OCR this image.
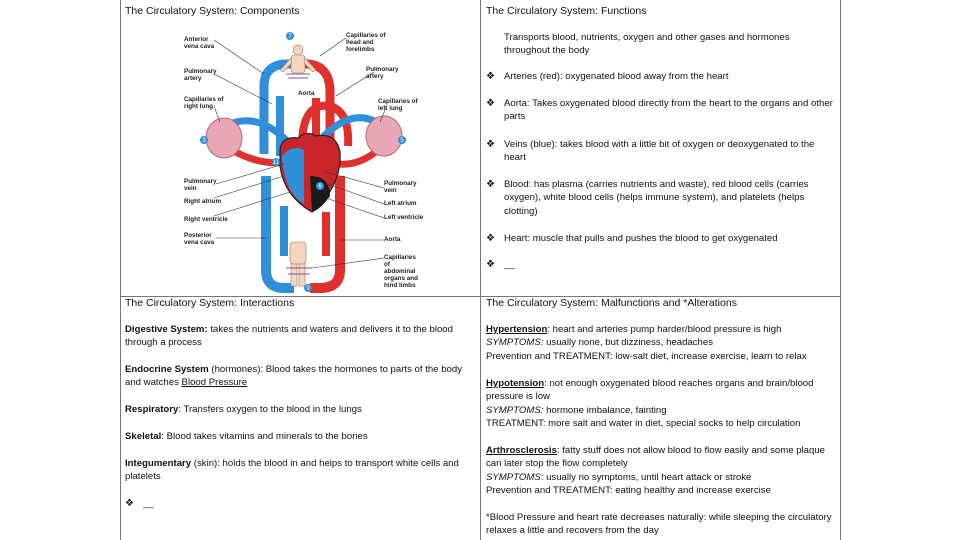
The Circulatory System: Components
7
3	5
11
6
9
Anterior vena cava
Capillaries of head and forelimbs
Pulmonary artery
Pulmonary artery
Aorta
Capillaries of right lung
Capillaries of left lung
Pulmonary vein
Pulmonary vein
Right atrium	Left atrium
Right ventricle	Left ventricle
Posterior vena cava	Aorta
Capillaries of abdominal organs and hind limbs
The Circulatory System: Functions
Transports blood, nutrients, oxygen and other gases and hormones throughout the body
❖ Arteries (red): oxygenated blood away from the heart
❖ Aorta: Takes oxygenated blood directly from the heart to the organs and other parts
❖ Veins (blue): takes blood with a little bit of oxygen or deoxygenated to the heart
❖ Blood: has plasma (carries nutrients and waste), red blood cells (carries oxygen), white blood cells (helps immune system), and platelets (helps clotting)
❖ Heart: muscle that pulls and pushes the blood to get oxygenated
❖ __
The Circulatory System: Interactions
Digestive System: takes the nutrients and waters and delivers it to the blood through a process
Endocrine System (hormones): Blood takes the hormones to parts of the body and watches Blood Pressure
Respiratory: Transfers oxygen to the blood in the lungs
Skeletal: Blood takes vitamins and minerals to the bones
Integumentary (skin): holds the blood in and helps to transport white cells and platelets
❖ __
The Circulatory System: Malfunctions and *Alterations
Hypertension: heart and arteries pump harder/blood pressure is high
SYMPTOMS: usually none, but dizziness, headaches
Prevention and TREATMENT: low-salt diet, increase exercise, learn to relax
Hypotension: not enough oxygenated blood reaches organs and brain/blood pressure is low
SYMPTOMS: hormone imbalance, fainting
TREATMENT: more salt and water in diet, special socks to help circulation
Arthrosclerosis: fatty stuff does not allow blood to flow easily and some plaque can later stop the flow completely
SYMPTOMS: usually no symptoms, until heart attack or stroke
Prevention and TREATMENT: eating healthy and increase exercise
*Blood Pressure and heart rate decreases naturally: while sleeping the circulatory relaxes a little and recovers from the day
